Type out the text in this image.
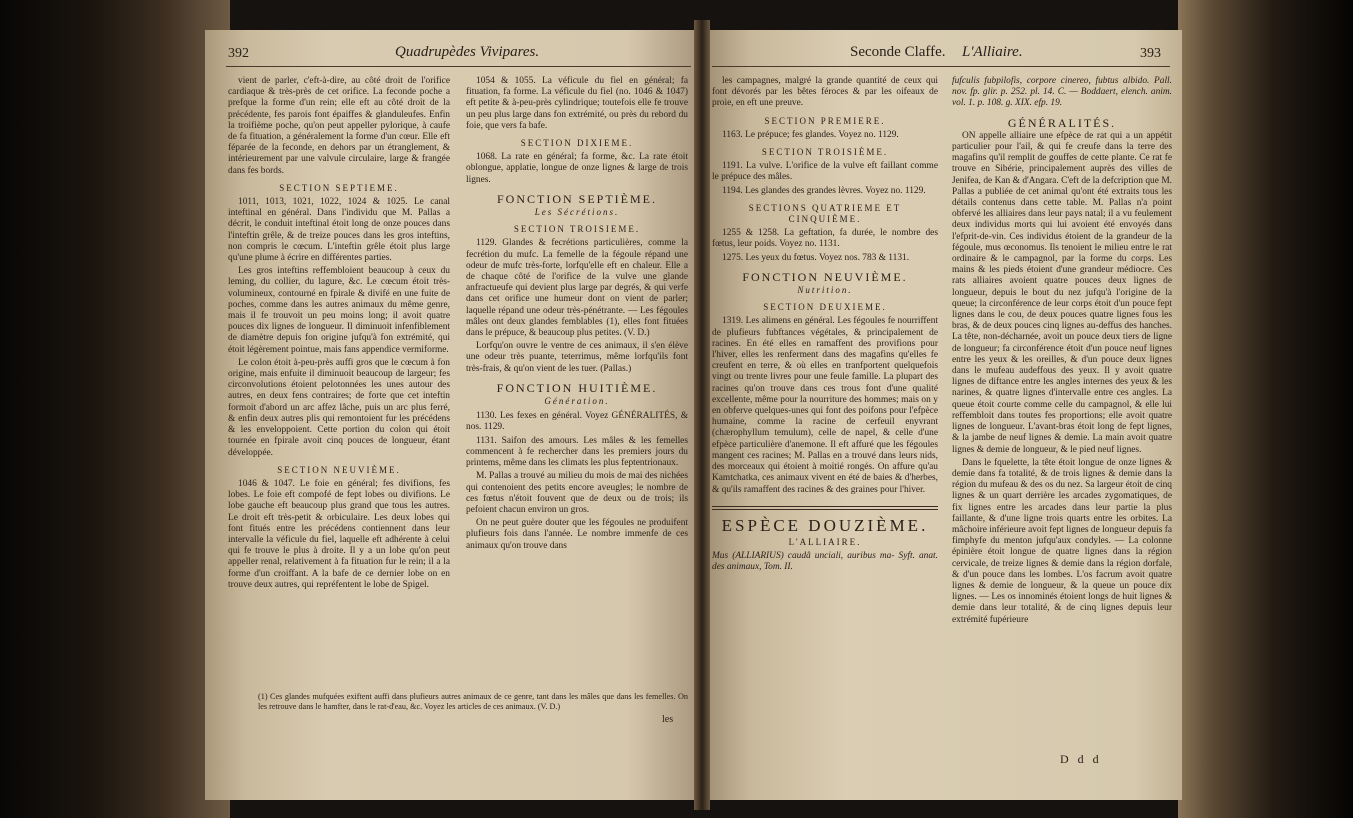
392	Quadrupèdes Vivipares.	Seconde Claffe. L'Alliaire.	393

vient de parler, c'eft-à-dire, au côté droit de l'orifice cardiaque & très-près de cet orifice. La feconde poche a prefque la forme d'un rein; elle eft au côté droit de la précédente, fes parois font épaiffes & glanduleufes. Enfin la troifième poche, qu'on peut appeller pylorique, à caufe de fa fituation, a généralement la forme d'un cœur. Elle eft féparée de la feconde, en dehors par un étranglement, & intérieurement par une valvule circulaire, large & frangée dans fes bords.

SECTION SEPTIEME.

1011, 1013, 1021, 1022, 1024 & 1025. Le canal inteftinal en général. Dans l'individu que M. Pallas a décrit, le conduit inteftinal étoit long de onze pouces dans l'inteftin grêle, & de treize pouces dans les gros inteftins, non compris le cœcum. L'inteftin grêle étoit plus large qu'une plume à écrire en différentes parties.

Les gros inteftins reffembloient beaucoup à ceux du leming, du collier, du lagure, &c. Le cœcum étoit très-volumineux, contourné en fpirale & divifé en une fuite de poches, comme dans les autres animaux du même genre, mais il fe trouvoit un peu moins long; il avoit quatre pouces dix lignes de longueur. Il diminuoit infenfiblement de diamètre depuis fon origine jufqu'à fon extrémité, qui étoit légèrement pointue, mais fans appendice vermiforme.

Le colon étoit à-peu-près auffi gros que le cœcum à fon origine, mais enfuite il diminuoit beaucoup de largeur; fes circonvolutions étoient pelotonnées les unes autour des autres, en deux fens contraires; de forte que cet inteftin formoit d'abord un arc affez lâche, puis un arc plus ferré, & enfin deux autres plis qui remontoient fur les précédens & les enveloppoient. Cette portion du colon qui étoit tournée en fpirale avoit cinq pouces de longueur, étant développée.

SECTION NEUVIÈME.

1046 & 1047. Le foie en général; fes divifions, fes lobes. Le foie eft compofé de fept lobes ou divifions. Le lobe gauche eft beaucoup plus grand que tous les autres. Le droit eft très-petit & orbiculaire. Les deux lobes qui font fitués entre les précédens contiennent dans leur intervalle la véficule du fiel, laquelle eft adhérente à celui qui fe trouve le plus à droite. Il y a un lobe qu'on peut appeller renal, relativement à fa fituation fur le rein; il a la forme d'un croiffant. A la bafe de ce dernier lobe on en trouve deux autres, qui repréfentent le lobe de Spigel.

1054 & 1055. La véficule du fiel en général; fa fituation, fa forme. La véficule du fiel (no. 1046 & 1047) eft petite & à-peu-près cylindrique; toutefois elle fe trouve un peu plus large dans fon extrémité, ou près du rebord du foie, que vers fa bafe.

SECTION DIXIEME.

1068. La rate en général; fa forme, &c. La rate étoit oblongue, applatie, longue de onze lignes & large de trois lignes.

FONCTION SEPTIÈME.
Les Sécrétions.
SECTION TROISIEME.

1129. Glandes & fecrétions particulières, comme la fecrétion du mufc. La femelle de la fégoule répand une odeur de mufc très-forte, lorfqu'elle eft en chaleur. Elle a de chaque côté de l'orifice de la vulve une glande anfractueufe qui devient plus large par degrés, & qui verfe dans cet orifice une humeur dont on vient de parler; laquelle répand une odeur très-pénétrante. — Les fégoules mâles ont deux glandes femblables (1), elles font fituées dans le prépuce, & beaucoup plus petites. (V. D.)

Lorfqu'on ouvre le ventre de ces animaux, il s'en élève une odeur très puante, teterrimus, même lorfqu'ils font très-frais, & qu'on vient de les tuer. (Pallas.)

FONCTION HUITIÈME.
Génération.

1130. Les fexes en général. Voyez GÉNÉRALITÉS, & nos. 1129.

1131. Saifon des amours. Les mâles & les femelles commencent à fe rechercher dans les premiers jours du printems, même dans les climats les plus feptentrionaux.

M. Pallas a trouvé au milieu du mois de mai des nichées qui contenoient des petits encore aveugles; le nombre de ces fœtus n'étoit fouvent que de deux ou de trois; ils pefoient chacun environ un gros.

On ne peut guère douter que les fégoules ne produifent plufieurs fois dans l'année. Le nombre immenfe de ces animaux qu'on trouve dans

les campagnes, malgré la grande quantité de ceux qui font dévorés par les bêtes féroces & par les oifeaux de proie, en eft une preuve.

SECTION PREMIERE.

1163. Le prépuce; fes glandes. Voyez no. 1129.

SECTION TROISIÈME.

1191. La vulve. L'orifice de la vulve eft faillant comme le prépuce des mâles.

1194. Les glandes des grandes lèvres. Voyez no. 1129.

SECTIONS QUATRIEME ET CINQUIÈME.

1255 & 1258. La geftation, fa durée, le nombre des fœtus, leur poids. Voyez no. 1131.

1275. Les yeux du fœtus. Voyez nos. 783 & 1131.

FONCTION NEUVIÈME.
Nutrition.
SECTION DEUXIEME.

1319. Les alimens en général. Les fégoules fe nourriffent de plufieurs fubftances végétales, & principalement de racines. En été elles en ramaffent des provifions pour l'hiver, elles les renferment dans des magafins qu'elles fe creufent en terre, & où elles en tranfportent quelquefois vingt ou trente livres pour une feule famille. La plupart des racines qu'on trouve dans ces trous font d'une qualité excellente, même pour la nourriture des hommes; mais on y en obferve quelques-unes qui font des poifons pour l'efpèce humaine, comme la racine de cerfeuil enyvrant (chærophyllum temulum), celle de napel, & celle d'une efpèce particulière d'anemone. Il eft affuré que les fégoules mangent ces racines; M. Pallas en a trouvé dans leurs nids, des morceaux qui étoient à moitié rongés. On affure qu'au Kamtchatka, ces animaux vivent en été de baies & d'herbes, & qu'ils ramaffent des racines & des graines pour l'hiver.

ESPÈCE DOUZIÈME.
L'ALLIAIRE.
Mus (ALLIARIUS) caudâ unciali, auribus ma- Syft. anat. des animaux, Tom. II.
fufculis fubpilofis, corpore cinereo, fubtus albido. Pall. nov. fp. glir. p. 252. pl. 14. C. — Boddaert, elench. anim. vol. 1. p. 108. g. XIX. efp. 19.
GÉNÉRALITÉS.

ON appelle alliaire une efpèce de rat qui a un appétit particulier pour l'ail, & qui fe creufe dans la terre des magafins qu'il remplit de gouffes de cette plante. Ce rat fe trouve en Sibérie, principalement auprès des villes de Jenifea, de Kan & d'Angara. C'eft de la defcription que M. Pallas a publiée de cet animal qu'ont été extraits tous les détails contenus dans cette table. M. Pallas n'a point obfervé les alliaires dans leur pays natal; il a vu feulement deux individus morts qui lui avoient été envoyés dans l'efprit-de-vin. Ces individus étoient de la grandeur de la fégoule, mus œconomus. Ils tenoient le milieu entre le rat ordinaire & le campagnol, par la forme du corps. Les mains & les pieds étoient d'une grandeur médiocre. Ces rats alliaires avoient quatre pouces deux lignes de longueur, depuis le bout du nez jufqu'à l'origine de la queue; la circonférence de leur corps étoit d'un pouce fept lignes dans le cou, de deux pouces quatre lignes fous les bras, & de deux pouces cinq lignes au-deffus des hanches. La tête, non-décharnée, avoit un pouce deux tiers de ligne de longueur; fa circonférence étoit d'un pouce neuf lignes entre les yeux & les oreilles, & d'un pouce deux lignes dans le mufeau audeffous des yeux. Il y avoit quatre lignes de diftance entre les angles internes des yeux & les narines, & quatre lignes d'intervalle entre ces angles. La queue étoit courte comme celle du campagnol, & elle lui reffembloit dans toutes fes proportions; elle avoit quatre lignes de longueur. L'avant-bras étoit long de fept lignes, & la jambe de neuf lignes & demie. La main avoit quatre lignes & demie de longueur, & le pied neuf lignes.

Dans le fquelette, la tête étoit longue de onze lignes & demie dans fa totalité, & de trois lignes & demie dans la région du mufeau & des os du nez. Sa largeur étoit de cinq lignes & un quart derrière les arcades zygomatiques, de fix lignes entre les arcades dans leur partie la plus faillante, & d'une ligne trois quarts entre les orbites. La mâchoire inférieure avoit fept lignes de longueur depuis fa fimphyfe du menton jufqu'aux condyles. — La colonne épinière étoit longue de quatre lignes dans la région cervicale, de treize lignes & demie dans la région dorfale, & d'un pouce dans les lombes. L'os facrum avoit quatre lignes & demie de longueur, & la queue un pouce dix lignes. — Les os innominés étoient longs de huit lignes & demie dans leur totalité, & de cinq lignes depuis leur extrémité fupérieure

(1) Ces glandes mufquées exiftent auffi dans plufieurs autres animaux de ce genre, tant dans les mâles que dans les femelles. On les retrouve dans le hamfter, dans le rat-d'eau, &c. Voyez les articles de ces animaux. (V. D.)
les
D d d
